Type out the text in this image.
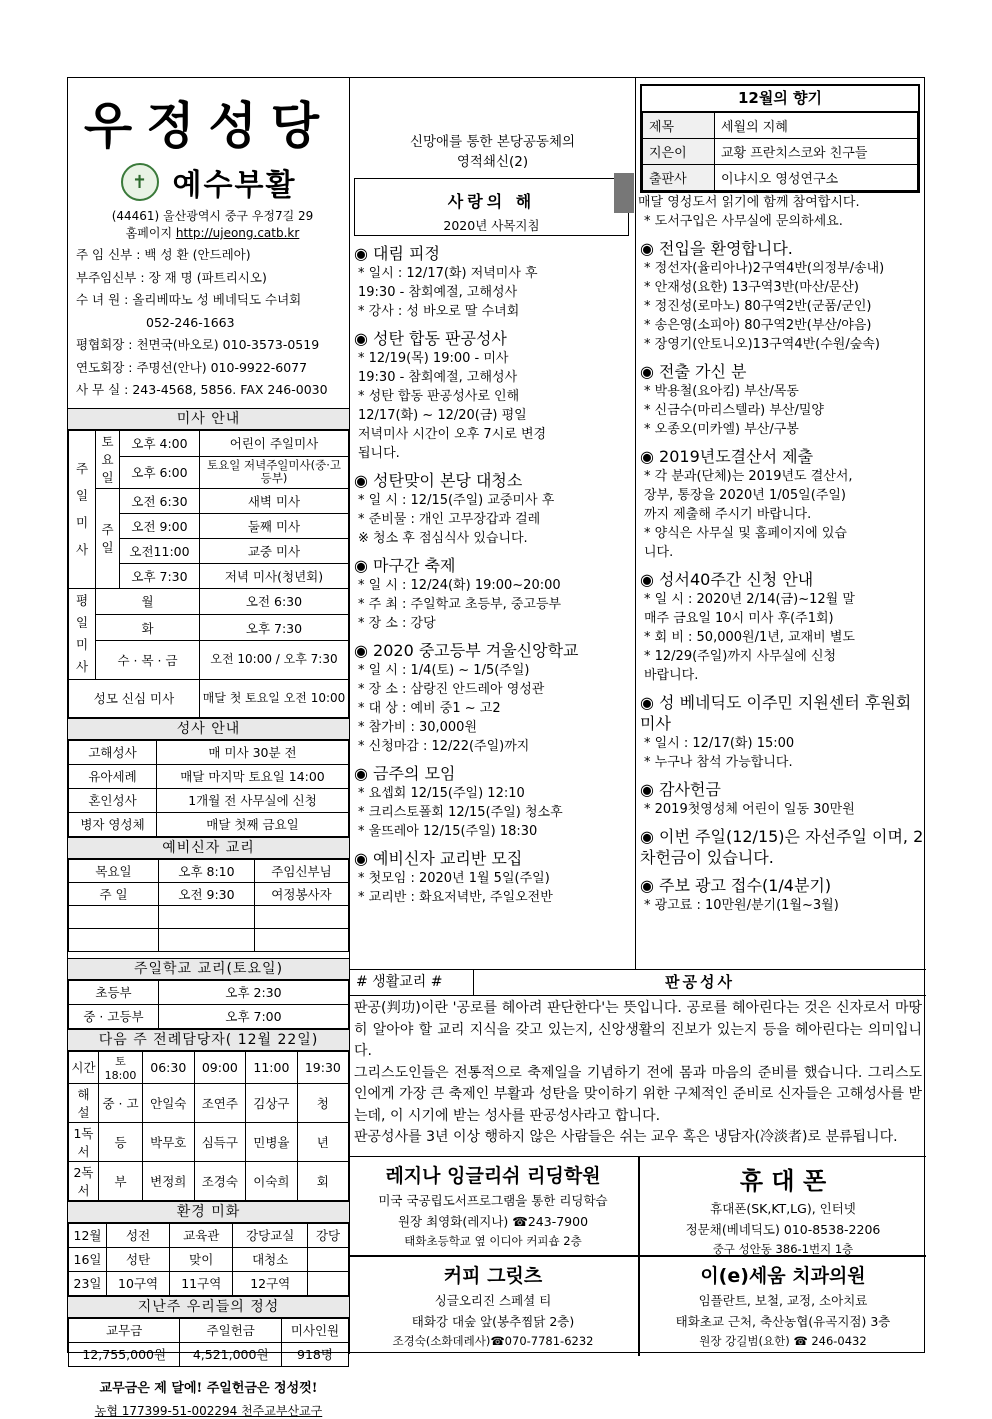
우정성당
✝ 예수부활
(44461) 울산광역시 중구 우정7길 29
홈페이지 http://ujeong.catb.kr
주 임 신부 : 백 성 환 (안드레아)
부주임신부 : 장 재 명 (파트리시오)
수 녀 원 : 올리베따노 성 베네딕도 수녀회
052-246-1663
평협회장 : 천면국(바오로) 010-3573-0519
연도회장 : 주명선(안나) 010-9922-6077
사 무 실 : 243-4568, 5856. FAX 246-0030
미사 안내
주일미사	토요일	오후 4:00	어린이 주일미사
		오후 6:00	토요일 저녁주일미사(중·고등부)
	주일	오전 6:30	새벽 미사
		오전 9:00	둘째 미사
		오전11:00	교중 미사
		오후 7:30	저녁 미사(청년회)
평일미사	월		오전 6:30
	화		오후 7:30
	수 · 목 · 금		오전 10:00 / 오후 7:30
성모 신심 미사			매달 첫 토요일 오전 10:00
성사 안내
고해성사	매 미사 30분 전
유아세례	매달 마지막 토요일 14:00
혼인성사	1개월 전 사무실에 신청
병자 영성체	매달 첫째 금요일
예비신자 교리
목요일	오후 8:10	주임신부님
주 일	오전 9:30	여정봉사자

주일학교 교리(토요일)
초등부	오후 2:30
중 · 고등부	오후 7:00
다음 주 전례담당자( 12월 22일)
시간	토18:00	06:30	09:00	11:00	19:30
해 설	중 · 고	안일숙	조연주	김상구	청
1독서	등	박무호	심득구	민병율	년
2독서	부	변정희	조경숙	이숙희	회
환경 미화
12월	성전	교육관	강당교실	강당
16일	성탄	맞이	대청소	
23일	10구역	11구역	12구역	
지난주 우리들의 정성
교무금	주일헌금	미사인원
12,755,000원	4,521,000원	918명
교무금은 제 달에! 주일헌금은 정성껏!
농협 177399-51-002294 천주교부산교구
신망애를 통한 본당공동체의
영적쇄신(2)
사랑의 해
2020년 사목지침
◉ 대림 피정
* 일시 : 12/17(화) 저녁미사 후
19:30 - 참회예절, 고해성사
* 강사 : 성 바오로 딸 수녀회
◉ 성탄 합동 판공성사
* 12/19(목) 19:00 - 미사
19:30 - 참회예절, 고해성사
* 성탄 합동 판공성사로 인해
12/17(화) ~ 12/20(금) 평일
저녁미사 시간이 오후 7시로 변경
됩니다.
◉ 성탄맞이 본당 대청소
* 일 시 : 12/15(주일) 교중미사 후
* 준비물 : 개인 고무장갑과 걸레
※ 청소 후 점심식사 있습니다.
◉ 마구간 축제
* 일 시 : 12/24(화) 19:00~20:00
* 주 최 : 주일학교 초등부, 중고등부
* 장 소 : 강당
◉ 2020 중고등부 겨울신앙학교
* 일 시 : 1/4(토) ~ 1/5(주일)
* 장 소 : 삼랑진 안드레아 영성관
* 대 상 : 예비 중1 ~ 고2
* 참가비 : 30,000원
* 신청마감 : 12/22(주일)까지
◉ 금주의 모임
* 요셉회 12/15(주일) 12:10
* 크리스토폴회 12/15(주일) 청소후
* 울뜨레아 12/15(주일) 18:30
◉ 예비신자 교리반 모집
* 첫모임 : 2020년 1월 5일(주일)
* 교리반 : 화요저녁반, 주일오전반
12월의 향기
제목	세월의 지혜
지은이	교황 프란치스코와 친구들
출판사	이냐시오 영성연구소
매달 영성도서 읽기에 함께 참여합시다.
* 도서구입은 사무실에 문의하세요.
◉ 전입을 환영합니다.
* 정선자(율리아나)2구역4반(의정부/송내)
* 안재성(요한) 13구역3반(마산/문산)
* 정진성(로마노) 80구역2반(군품/군인)
* 송은영(소피아) 80구역2반(부산/야음)
* 장영기(안토니오)13구역4반(수원/숲속)
◉ 전출 가신 분
* 박용철(요아킴) 부산/목동
* 신금수(마리스텔라) 부산/밀양
* 오종오(미카엘) 부산/구봉
◉ 2019년도결산서 제출
* 각 분과(단체)는 2019년도 결산서,
장부, 통장을 2020년 1/05일(주일)
까지 제출해 주시기 바랍니다.
* 양식은 사무실 및 홈페이지에 있습
니다.
◉ 성서40주간 신청 안내
* 일 시 : 2020년 2/14(금)~12월 말
매주 금요일 10시 미사 후(주1회)
* 회 비 : 50,000원/1년, 교재비 별도
* 12/29(주일)까지 사무실에 신청
바랍니다.
◉ 성 베네딕도 이주민 지원센터 후원회 미사
* 일시 : 12/17(화) 15:00
* 누구나 참석 가능합니다.
◉ 감사헌금
* 2019첫영성체 어린이 일동 30만원
◉ 이번 주일(12/15)은 자선주일 이며, 2차헌금이 있습니다.
◉ 주보 광고 접수(1/4분기)
* 광고료 : 10만원/분기(1월~3월)
# 생활교리 #	판공성사
판공(判功)이란 '공로를 헤아려 판단한다'는 뜻입니다. 공로를 헤아린다는 것은 신자로서 마땅히 알아야 할 교리 지식을 갖고 있는지, 신앙생활의 진보가 있는지 등을 헤아린다는 의미입니다.
그리스도인들은 전통적으로 축제일을 기념하기 전에 몸과 마음의 준비를 했습니다. 그리스도인에게 가장 큰 축제인 부활과 성탄을 맞이하기 위한 구체적인 준비로 신자들은 고해성사를 받는데, 이 시기에 받는 성사를 판공성사라고 합니다.
판공성사를 3년 이상 행하지 않은 사람들은 쉬는 교우 혹은 냉담자(冷淡者)로 분류됩니다.
레지나 잉글리쉬 리딩학원
미국 국공립도서프로그램을 통한 리딩학습
원장 최영화(레지나) ☎243-7900
태화초등학교 옆 이디아 커피숍 2층
휴 대 폰
휴대폰(SK,KT,LG), 인터넷
정문채(베네딕도) 010-8538-2206
중구 성안동 386-1번지 1층
커피 그릿츠
싱글오리진 스페셜 티
태화강 대숲 앞(봉추찜닭 2층)
조경숙(소화데레사)☎070-7781-6232
이(e)세움 치과의원
임플란트, 보철, 교정, 소아치료
태화초교 근처, 축산농협(유곡지점) 3층
원장 강길범(요한) ☎ 246-0432
